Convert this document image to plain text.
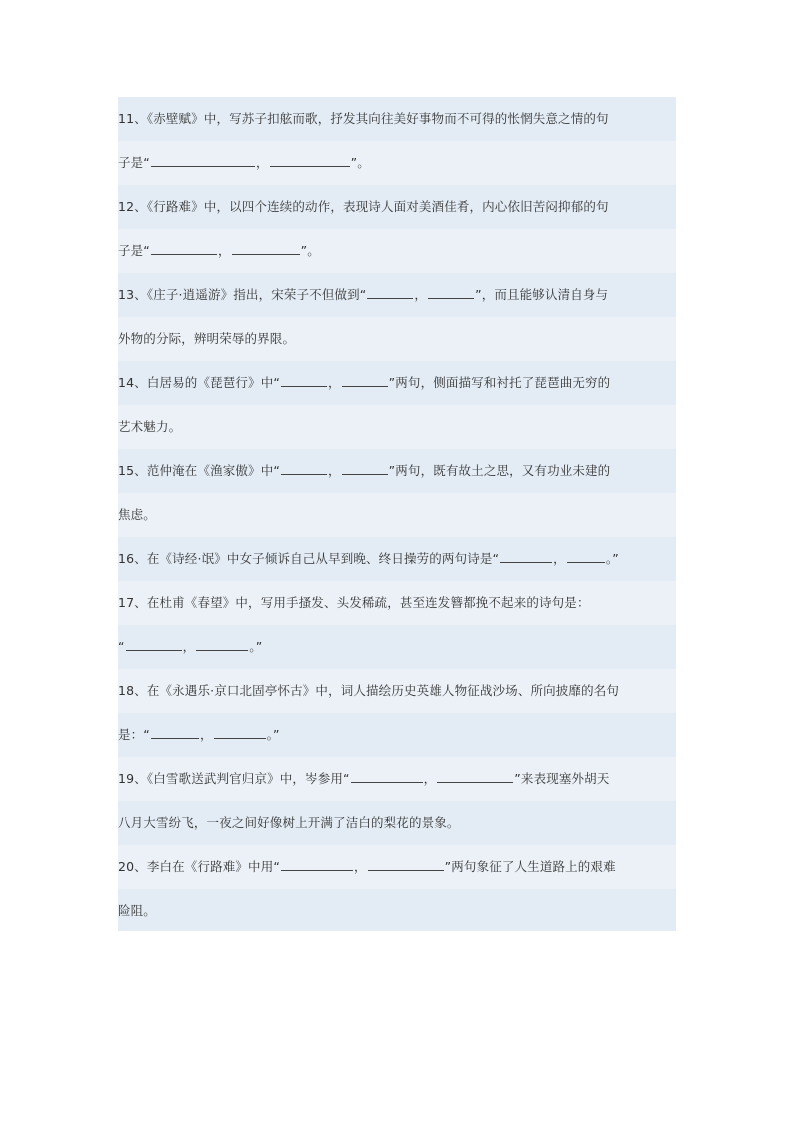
11、《赤壁赋》中，写苏子扣舷而歌，抒发其向往美好事物而不可得的怅惘失意之情的句
子是“	，	”。
12、《行路难》中，以四个连续的动作，表现诗人面对美酒佳肴，内心依旧苦闷抑郁的句
子是“	，	”。
13、《庄子·逍遥游》指出，宋荣子不但做到“	，	”，而且能够认清自身与
外物的分际，辨明荣辱的界限。
14、白居易的《琵琶行》中“	，	”两句，侧面描写和衬托了琵琶曲无穷的
艺术魅力。
15、范仲淹在《渔家傲》中“	，	”两句，既有故土之思，又有功业未建的
焦虑。
16、在《诗经·氓》中女子倾诉自己从早到晚、终日操劳的两句诗是“	，	。”
17、在杜甫《春望》中，写用手搔发、头发稀疏，甚至连发簪都挽不起来的诗句是：
“	，	。”
18、在《永遇乐·京口北固亭怀古》中，词人描绘历史英雄人物征战沙场、所向披靡的名句
是：“	，	。”
19、《白雪歌送武判官归京》中，岑参用“	，	”来表现塞外胡天
八月大雪纷飞，一夜之间好像树上开满了洁白的梨花的景象。
20、李白在《行路难》中用“	，	”两句象征了人生道路上的艰难
险阻。
